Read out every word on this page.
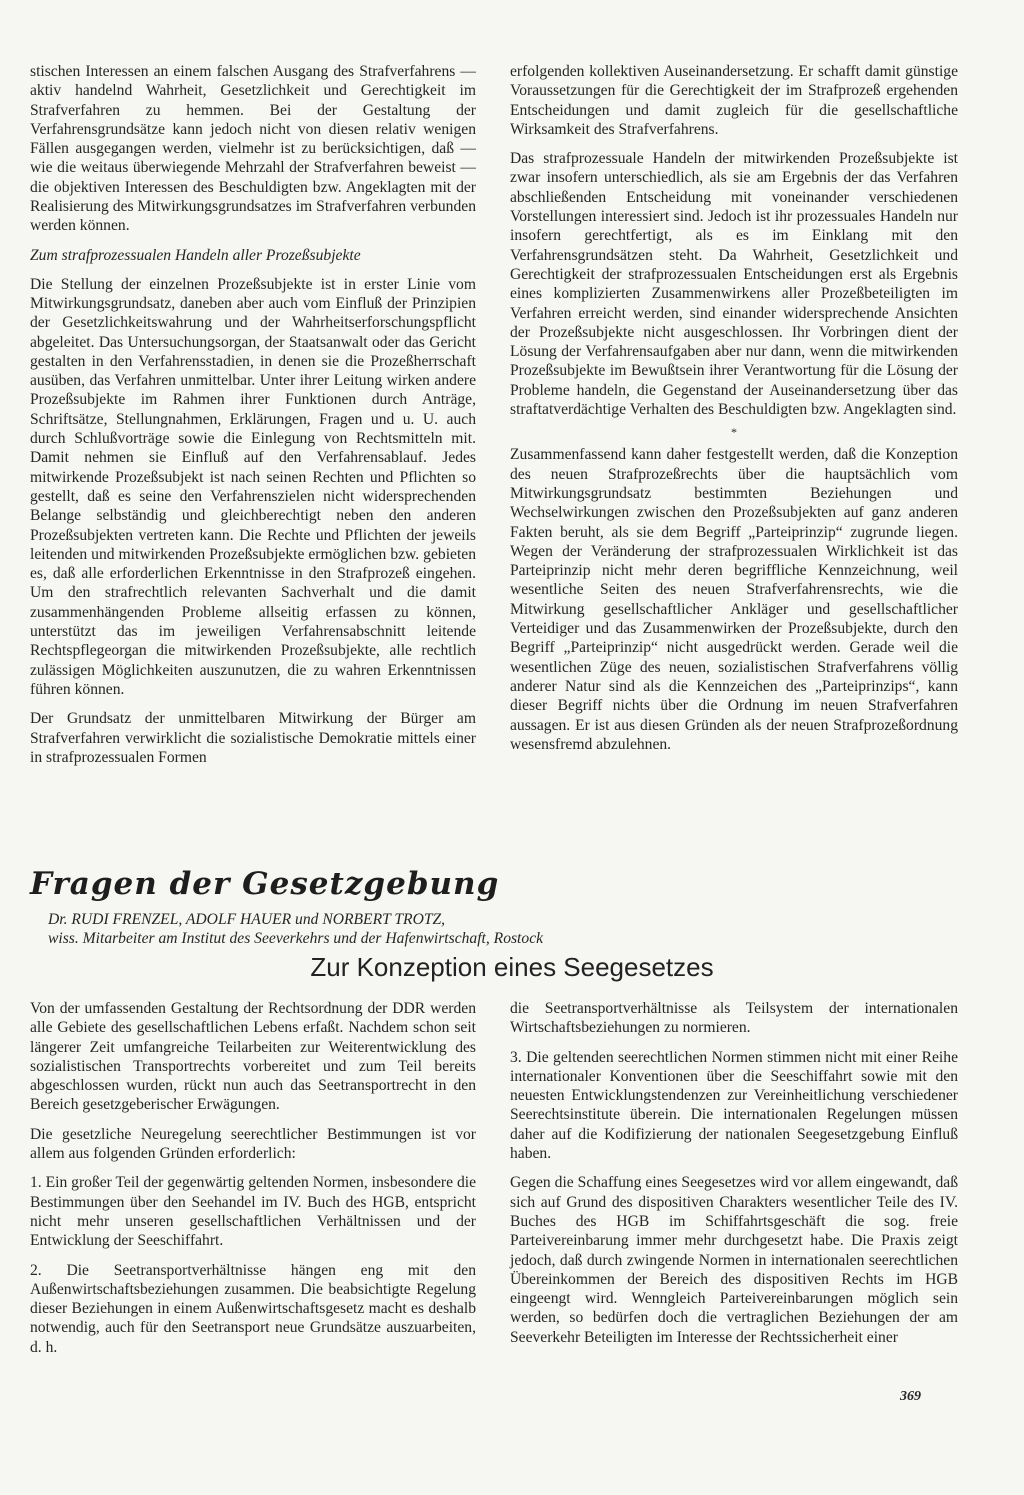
stischen Interessen an einem falschen Ausgang des Strafverfahrens — aktiv handelnd Wahrheit, Gesetzlichkeit und Gerechtigkeit im Strafverfahren zu hemmen. Bei der Gestaltung der Verfahrensgrundsätze kann jedoch nicht von diesen relativ wenigen Fällen ausgegangen werden, vielmehr ist zu berücksichtigen, daß — wie die weitaus überwiegende Mehrzahl der Strafverfahren beweist — die objektiven Interessen des Beschuldigten bzw. Angeklagten mit der Realisierung des Mitwirkungsgrundsatzes im Strafverfahren verbunden werden können.

Zum strafprozessualen Handeln aller Prozeßsubjekte

Die Stellung der einzelnen Prozeßsubjekte ist in erster Linie vom Mitwirkungsgrundsatz, daneben aber auch vom Einfluß der Prinzipien der Gesetzlichkeitswahrung und der Wahrheitserforschungspflicht abgeleitet. Das Untersuchungsorgan, der Staatsanwalt oder das Gericht gestalten in den Verfahrensstadien, in denen sie die Prozeßherrschaft ausüben, das Verfahren unmittelbar. Unter ihrer Leitung wirken andere Prozeßsubjekte im Rahmen ihrer Funktionen durch Anträge, Schriftsätze, Stellungnahmen, Erklärungen, Fragen und u. U. auch durch Schlußvorträge sowie die Einlegung von Rechtsmitteln mit. Damit nehmen sie Einfluß auf den Verfahrensablauf. Jedes mitwirkende Prozeßsubjekt ist nach seinen Rechten und Pflichten so gestellt, daß es seine den Verfahrenszielen nicht widersprechenden Belange selbständig und gleichberechtigt neben den anderen Prozeßsubjekten vertreten kann. Die Rechte und Pflichten der jeweils leitenden und mitwirkenden Prozeßsubjekte ermöglichen bzw. gebieten es, daß alle erforderlichen Erkenntnisse in den Strafprozeß eingehen. Um den strafrechtlich relevanten Sachverhalt und die damit zusammenhängenden Probleme allseitig erfassen zu können, unterstützt das im jeweiligen Verfahrensabschnitt leitende Rechtspflegeorgan die mitwirkenden Prozeßsubjekte, alle rechtlich zulässigen Möglichkeiten auszunutzen, die zu wahren Erkenntnissen führen können.

Der Grundsatz der unmittelbaren Mitwirkung der Bürger am Strafverfahren verwirklicht die sozialistische Demokratie mittels einer in strafprozessualen Formen

erfolgenden kollektiven Auseinandersetzung. Er schafft damit günstige Voraussetzungen für die Gerechtigkeit der im Strafprozeß ergehenden Entscheidungen und damit zugleich für die gesellschaftliche Wirksamkeit des Strafverfahrens.

Das strafprozessuale Handeln der mitwirkenden Prozeßsubjekte ist zwar insofern unterschiedlich, als sie am Ergebnis der das Verfahren abschließenden Entscheidung mit voneinander verschiedenen Vorstellungen interessiert sind. Jedoch ist ihr prozessuales Handeln nur insofern gerechtfertigt, als es im Einklang mit den Verfahrensgrundsätzen steht. Da Wahrheit, Gesetzlichkeit und Gerechtigkeit der strafprozessualen Entscheidungen erst als Ergebnis eines komplizierten Zusammenwirkens aller Prozeßbeteiligten im Verfahren erreicht werden, sind einander widersprechende Ansichten der Prozeßsubjekte nicht ausgeschlossen. Ihr Vorbringen dient der Lösung der Verfahrensaufgaben aber nur dann, wenn die mitwirkenden Prozeßsubjekte im Bewußtsein ihrer Verantwortung für die Lösung der Probleme handeln, die Gegenstand der Auseinandersetzung über das straftatverdächtige Verhalten des Beschuldigten bzw. Angeklagten sind.

*

Zusammenfassend kann daher festgestellt werden, daß die Konzeption des neuen Strafprozeßrechts über die hauptsächlich vom Mitwirkungsgrundsatz bestimmten Beziehungen und Wechselwirkungen zwischen den Prozeßsubjekten auf ganz anderen Fakten beruht, als sie dem Begriff „Parteiprinzip“ zugrunde liegen. Wegen der Veränderung der strafprozessualen Wirklichkeit ist das Parteiprinzip nicht mehr deren begriffliche Kennzeichnung, weil wesentliche Seiten des neuen Strafverfahrensrechts, wie die Mitwirkung gesellschaftlicher Ankläger und gesellschaftlicher Verteidiger und das Zusammenwirken der Prozeßsubjekte, durch den Begriff „Parteiprinzip“ nicht ausgedrückt werden. Gerade weil die wesentlichen Züge des neuen, sozialistischen Strafverfahrens völlig anderer Natur sind als die Kennzeichen des „Parteiprinzips“, kann dieser Begriff nichts über die Ordnung im neuen Strafverfahren aussagen. Er ist aus diesen Gründen als der neuen Strafprozeßordnung wesensfremd abzulehnen.

Fragen der Gesetzgebung
Dr. RUDI FRENZEL, ADOLF HAUER und NORBERT TROTZ,
wiss. Mitarbeiter am Institut des Seeverkehrs und der Hafenwirtschaft, Rostock
Zur Konzeption eines Seegesetzes

Von der umfassenden Gestaltung der Rechtsordnung der DDR werden alle Gebiete des gesellschaftlichen Lebens erfaßt. Nachdem schon seit längerer Zeit umfangreiche Teilarbeiten zur Weiterentwicklung des sozialistischen Transportrechts vorbereitet und zum Teil bereits abgeschlossen wurden, rückt nun auch das Seetransportrecht in den Bereich gesetzgeberischer Erwägungen.

Die gesetzliche Neuregelung seerechtlicher Bestimmungen ist vor allem aus folgenden Gründen erforderlich:

1. Ein großer Teil der gegenwärtig geltenden Normen, insbesondere die Bestimmungen über den Seehandel im IV. Buch des HGB, entspricht nicht mehr unseren gesellschaftlichen Verhältnissen und der Entwicklung der Seeschiffahrt.

2. Die Seetransportverhältnisse hängen eng mit den Außenwirtschaftsbeziehungen zusammen. Die beabsichtigte Regelung dieser Beziehungen in einem Außenwirtschaftsgesetz macht es deshalb notwendig, auch für den Seetransport neue Grundsätze auszuarbeiten, d. h.

die Seetransportverhältnisse als Teilsystem der internationalen Wirtschaftsbeziehungen zu normieren.

3. Die geltenden seerechtlichen Normen stimmen nicht mit einer Reihe internationaler Konventionen über die Seeschiffahrt sowie mit den neuesten Entwicklungstendenzen zur Vereinheitlichung verschiedener Seerechtsinstitute überein. Die internationalen Regelungen müssen daher auf die Kodifizierung der nationalen Seegesetzgebung Einfluß haben.

Gegen die Schaffung eines Seegesetzes wird vor allem eingewandt, daß sich auf Grund des dispositiven Charakters wesentlicher Teile des IV. Buches des HGB im Schiffahrtsgeschäft die sog. freie Parteivereinbarung immer mehr durchgesetzt habe. Die Praxis zeigt jedoch, daß durch zwingende Normen in internationalen seerechtlichen Übereinkommen der Bereich des dispositiven Rechts im HGB eingeengt wird. Wenngleich Parteivereinbarungen möglich sein werden, so bedürfen doch die vertraglichen Beziehungen der am Seeverkehr Beteiligten im Interesse der Rechtssicherheit einer

369
